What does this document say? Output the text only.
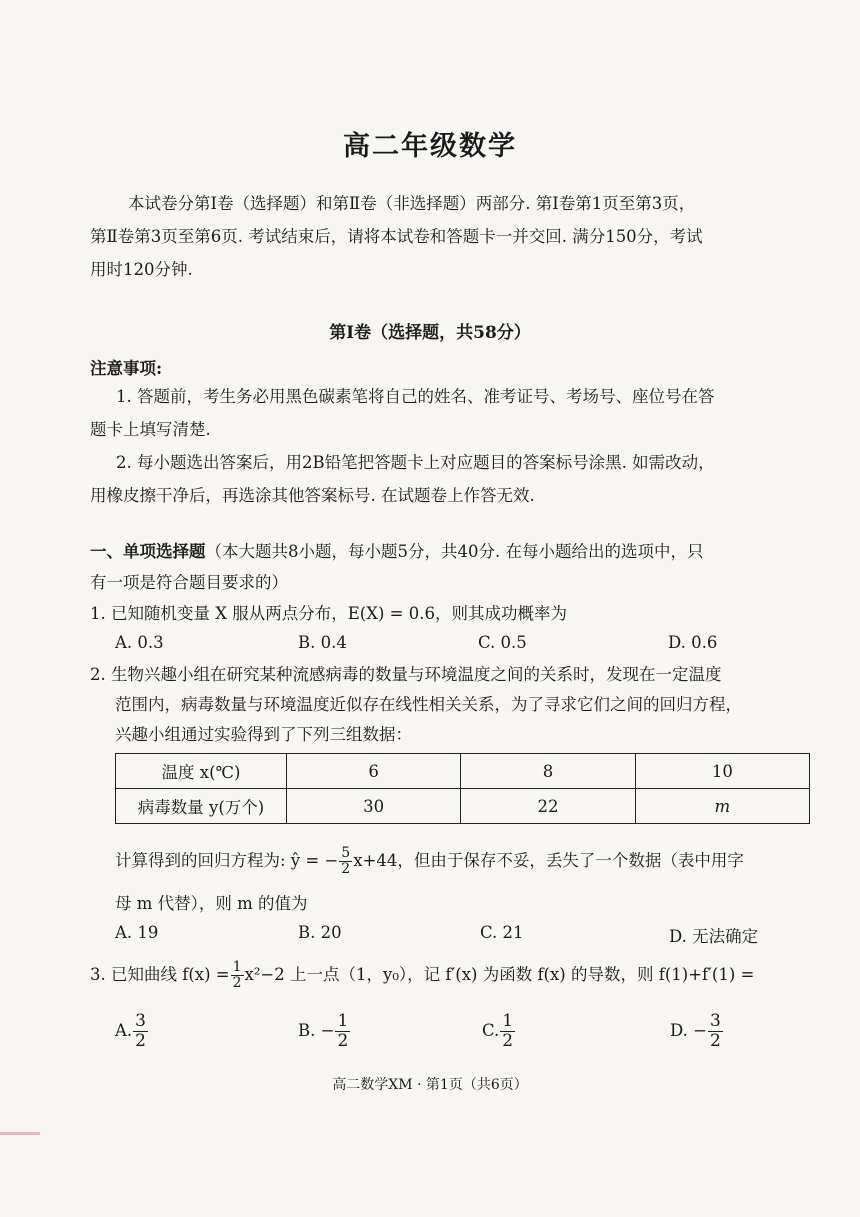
高二年级数学
本试卷分第Ⅰ卷（选择题）和第Ⅱ卷（非选择题）两部分. 第Ⅰ卷第1页至第3页，
第Ⅱ卷第3页至第6页. 考试结束后，请将本试卷和答题卡一并交回. 满分150分，考试
用时120分钟.
第Ⅰ卷（选择题，共58分）
注意事项:
1. 答题前，考生务必用黑色碳素笔将自己的姓名、准考证号、考场号、座位号在答
题卡上填写清楚.
2. 每小题选出答案后，用2B铅笔把答题卡上对应题目的答案标号涂黑. 如需改动，
用橡皮擦干净后，再选涂其他答案标号. 在试题卷上作答无效.
一、单项选择题（本大题共8小题，每小题5分，共40分. 在每小题给出的选项中，只
有一项是符合题目要求的）
1. 已知随机变量 X 服从两点分布，E(X) = 0.6，则其成功概率为
A. 0.3	B. 0.4	C. 0.5	D. 0.6
2. 生物兴趣小组在研究某种流感病毒的数量与环境温度之间的关系时，发现在一定温度
范围内，病毒数量与环境温度近似存在线性相关关系，为了寻求它们之间的回归方程，
兴趣小组通过实验得到了下列三组数据：
温度 x(℃)	6	8	10
病毒数量 y(万个)	30	22	m
计算得到的回归方程为: ŷ = − $\frac{5}{2} x+44$，但由于保存不妥，丢失了一个数据（表中用字
母 m 代替），则 m 的值为
A. 19	B. 20	C. 21	D. 无法确定
3. 已知曲线 $f(x) = \frac{1}{2} x^2-2$ 上一点（1，y₀），记 f′(x) 为函数 f(x) 的导数，则 f(1)+f′(1) =
A. $\frac{3}{2}$	B. − $\frac{1}{2}$	C. $\frac{1}{2}$	D. − $\frac{3}{2}$
高二数学XM · 第1页（共6页）
